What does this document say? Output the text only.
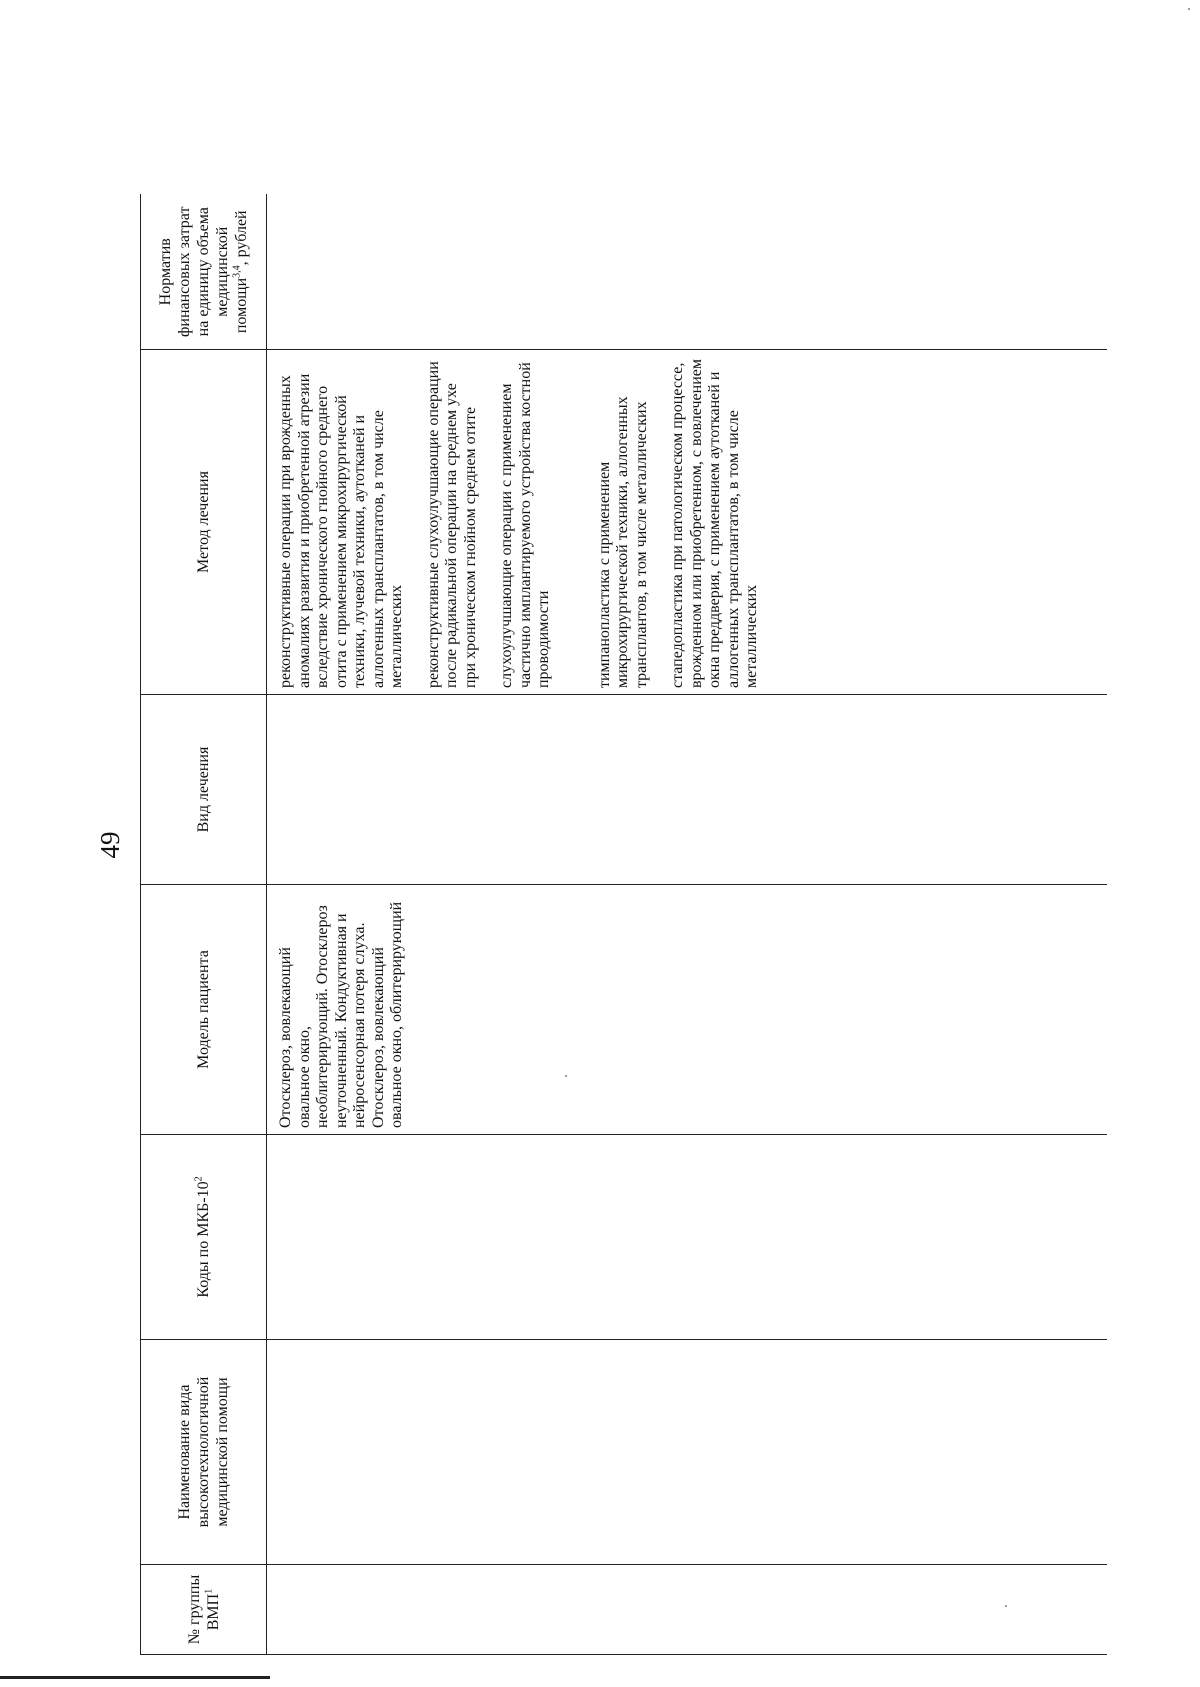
49
№ группы ВМП$^1$	Наименование вида высокотехнологичной медицинской помощи	Коды по МКБ-$10^2$	Модель пациента	Вид лечения	Метод лечения	Норматив финансовых затрат на единицу объема медицинской помощи$^{3,4}$, рублей
			Отосклероз, вовлекающий овальное окно, необлитерирующий. Отосклероз неуточненный. Кондуктивная и нейросенсорная потеря слуха. Отосклероз, вовлекающий овальное окно, облитерирующий		реконструктивные операции при врожденных аномалиях развития и приобретенной атрезии вследствие хронического гнойного среднего отита с применением микрохирургической техники, лучевой техники, аутотканей и аллогенных трансплантатов, в том числе металлических реконструктивные слухоулучшающие операции после радикальной операции на среднем ухе при хроническом гнойном среднем отите слухоулучшающие операции с применением частично имплантируемого устройства костной проводимости тимпанопластика с применением микрохирургической техники, аллогенных трансплантов, в том числе металлических стапедопластика при патологическом процессе, врожденном или приобретенном, с вовлечением окна преддверия, с применением аутотканей и аллогенных трансплантатов, в том числе металлических	
